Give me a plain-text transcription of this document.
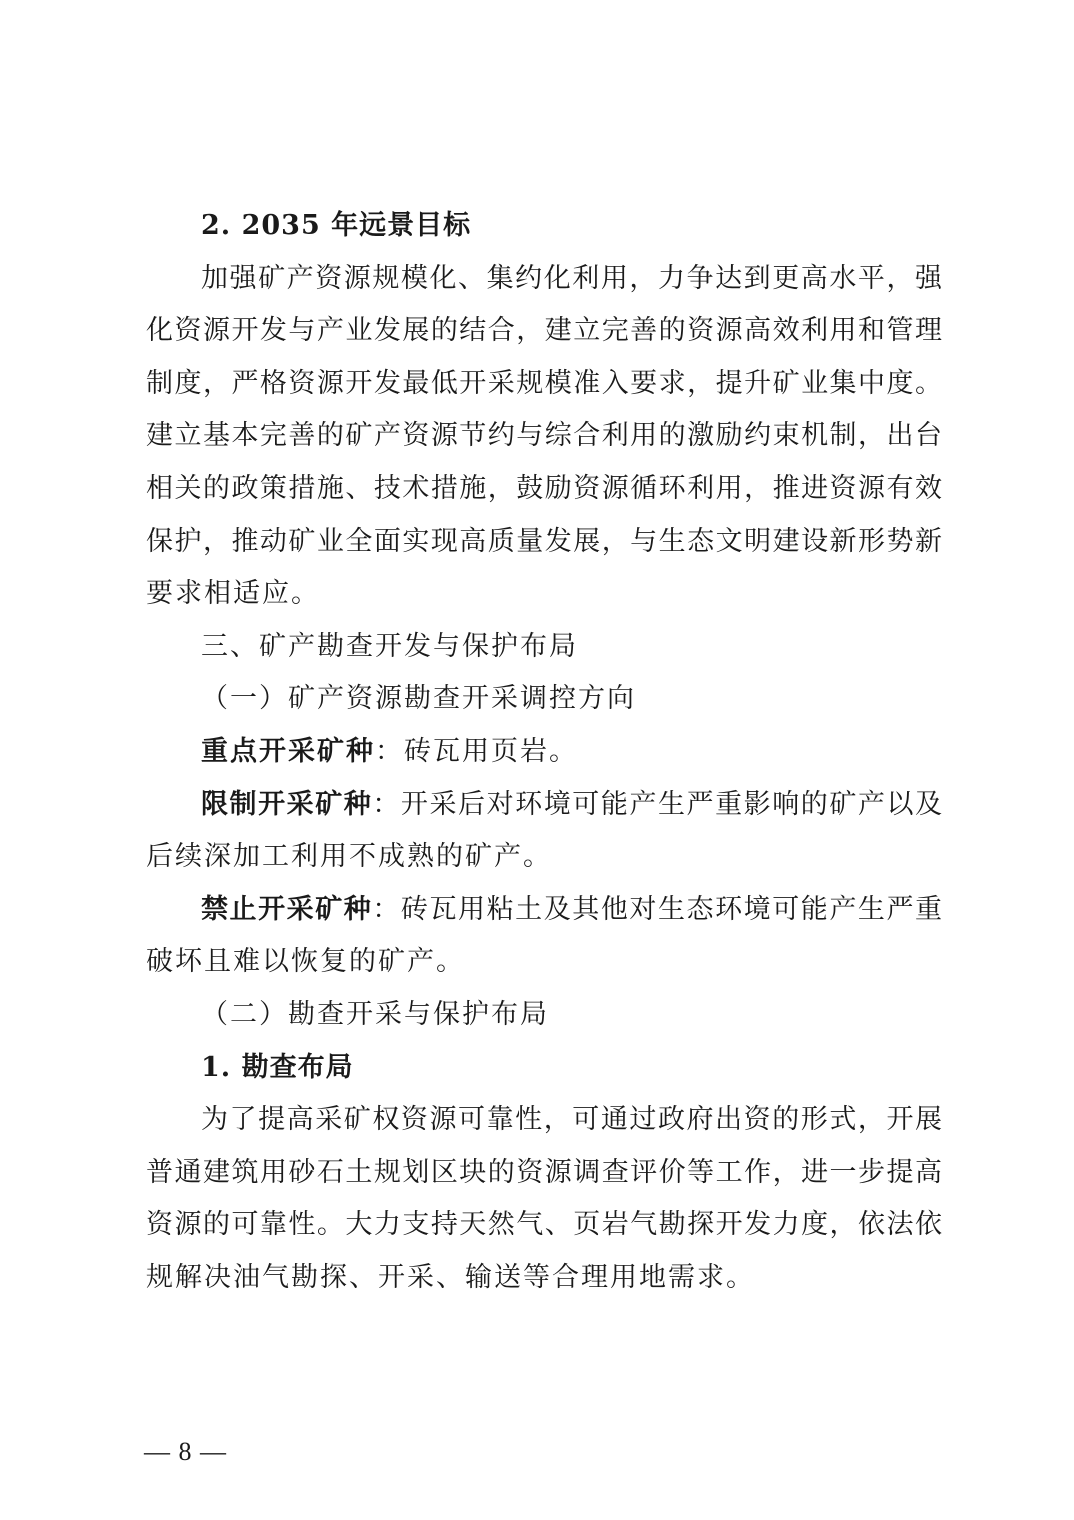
2. 2035 年远景目标
加强矿产资源规模化、集约化利用，力争达到更高水平，强
化资源开发与产业发展的结合，建立完善的资源高效利用和管理
制度，严格资源开发最低开采规模准入要求，提升矿业集中度。
建立基本完善的矿产资源节约与综合利用的激励约束机制，出台
相关的政策措施、技术措施，鼓励资源循环利用，推进资源有效
保护，推动矿业全面实现高质量发展，与生态文明建设新形势新
要求相适应。
三、矿产勘查开发与保护布局
（一）矿产资源勘查开采调控方向
重点开采矿种：砖瓦用页岩。
限制开采矿种：开采后对环境可能产生严重影响的矿产以及
后续深加工利用不成熟的矿产。
禁止开采矿种：砖瓦用粘土及其他对生态环境可能产生严重
破坏且难以恢复的矿产。
（二）勘查开采与保护布局
1. 勘查布局
为了提高采矿权资源可靠性，可通过政府出资的形式，开展
普通建筑用砂石土规划区块的资源调查评价等工作，进一步提高
资源的可靠性。大力支持天然气、页岩气勘探开发力度，依法依
规解决油气勘探、开采、输送等合理用地需求。
— 8 —
